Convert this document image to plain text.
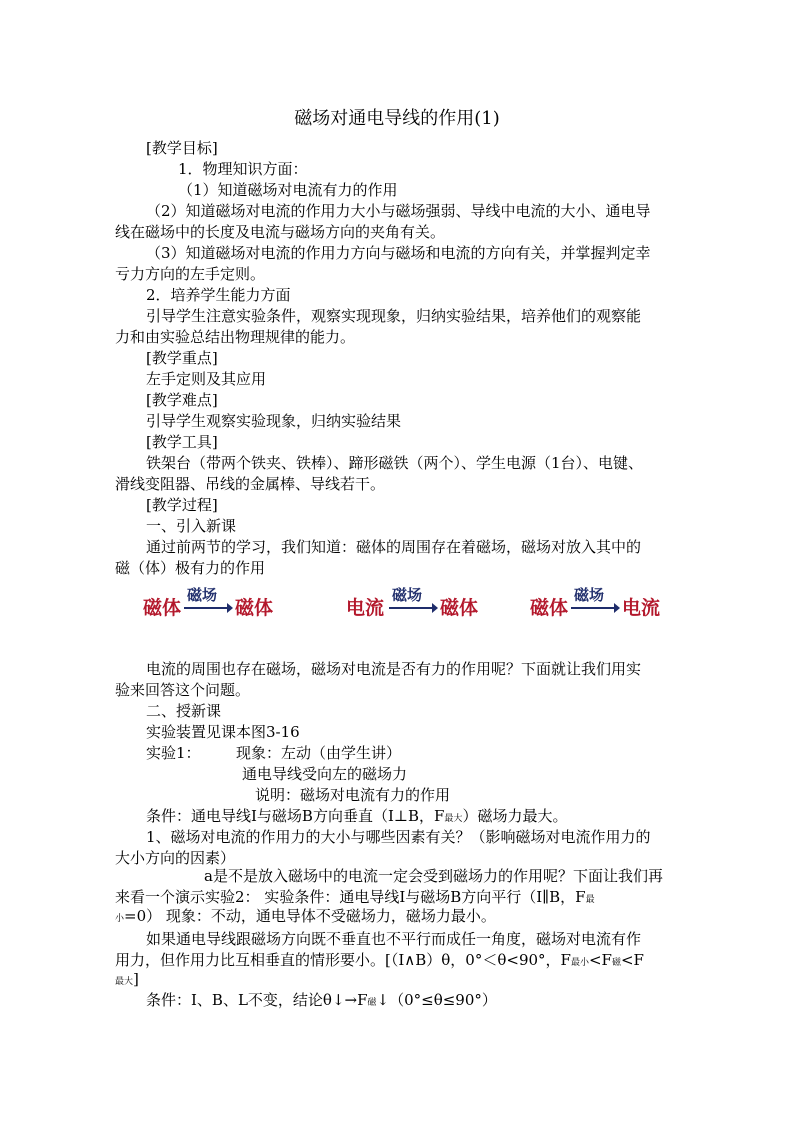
磁场对通电导线的作用(1)
[教学目标]
1．物理知识方面：
（1）知道磁场对电流有力的作用
（2）知道磁场对电流的作用力大小与磁场强弱、导线中电流的大小、通电导
线在磁场中的长度及电流与磁场方向的夹角有关。
（3）知道磁场对电流的作用力方向与磁场和电流的方向有关，并掌握判定幸
亏力方向的左手定则。
2．培养学生能力方面
引导学生注意实验条件，观察实现现象，归纳实验结果，培养他们的观察能
力和由实验总结出物理规律的能力。
[教学重点]
左手定则及其应用
[教学难点]
引导学生观察实验现象，归纳实验结果
[教学工具]
铁架台（带两个铁夹、铁棒）、蹄形磁铁（两个）、学生电源（1台）、电键、
滑线变阻器、吊线的金属棒、导线若干。
[教学过程]
一、引入新课
通过前两节的学习，我们知道：磁体的周围存在着磁场，磁场对放入其中的
磁（体）极有力的作用
磁体
磁场
磁体	电流
磁场
磁体	磁体
磁场
电流
电流的周围也存在磁场，磁场对电流是否有力的作用呢？下面就让我们用实
验来回答这个问题。
二、授新课
实验装置见课本图3-16
实验1： 现象：左动（由学生讲）
通电导线受向左的磁场力
说明：磁场对电流有力的作用
条件：通电导线I与磁场B方向垂直（I⊥B，F最大）磁场力最大。
1、磁场对电流的作用力的大小与哪些因素有关？（影响磁场对电流作用力的
大小方向的因素）
a是不是放入磁场中的电流一定会受到磁场力的作用呢？下面让我们再
来看一个演示实验2： 实验条件：通电导线I与磁场B方向平行（I∥B，F最
小=0） 现象：不动，通电导体不受磁场力，磁场力最小。
如果通电导线跟磁场方向既不垂直也不平行而成任一角度，磁场对电流有作
用力，但作用力比互相垂直的情形要小。[（I∧B）θ，0°＜θ<90°，F最小<F磁<F
最大]
条件：I、B、L不变，结论θ↓→F磁↓（0°≤θ≤90°）
